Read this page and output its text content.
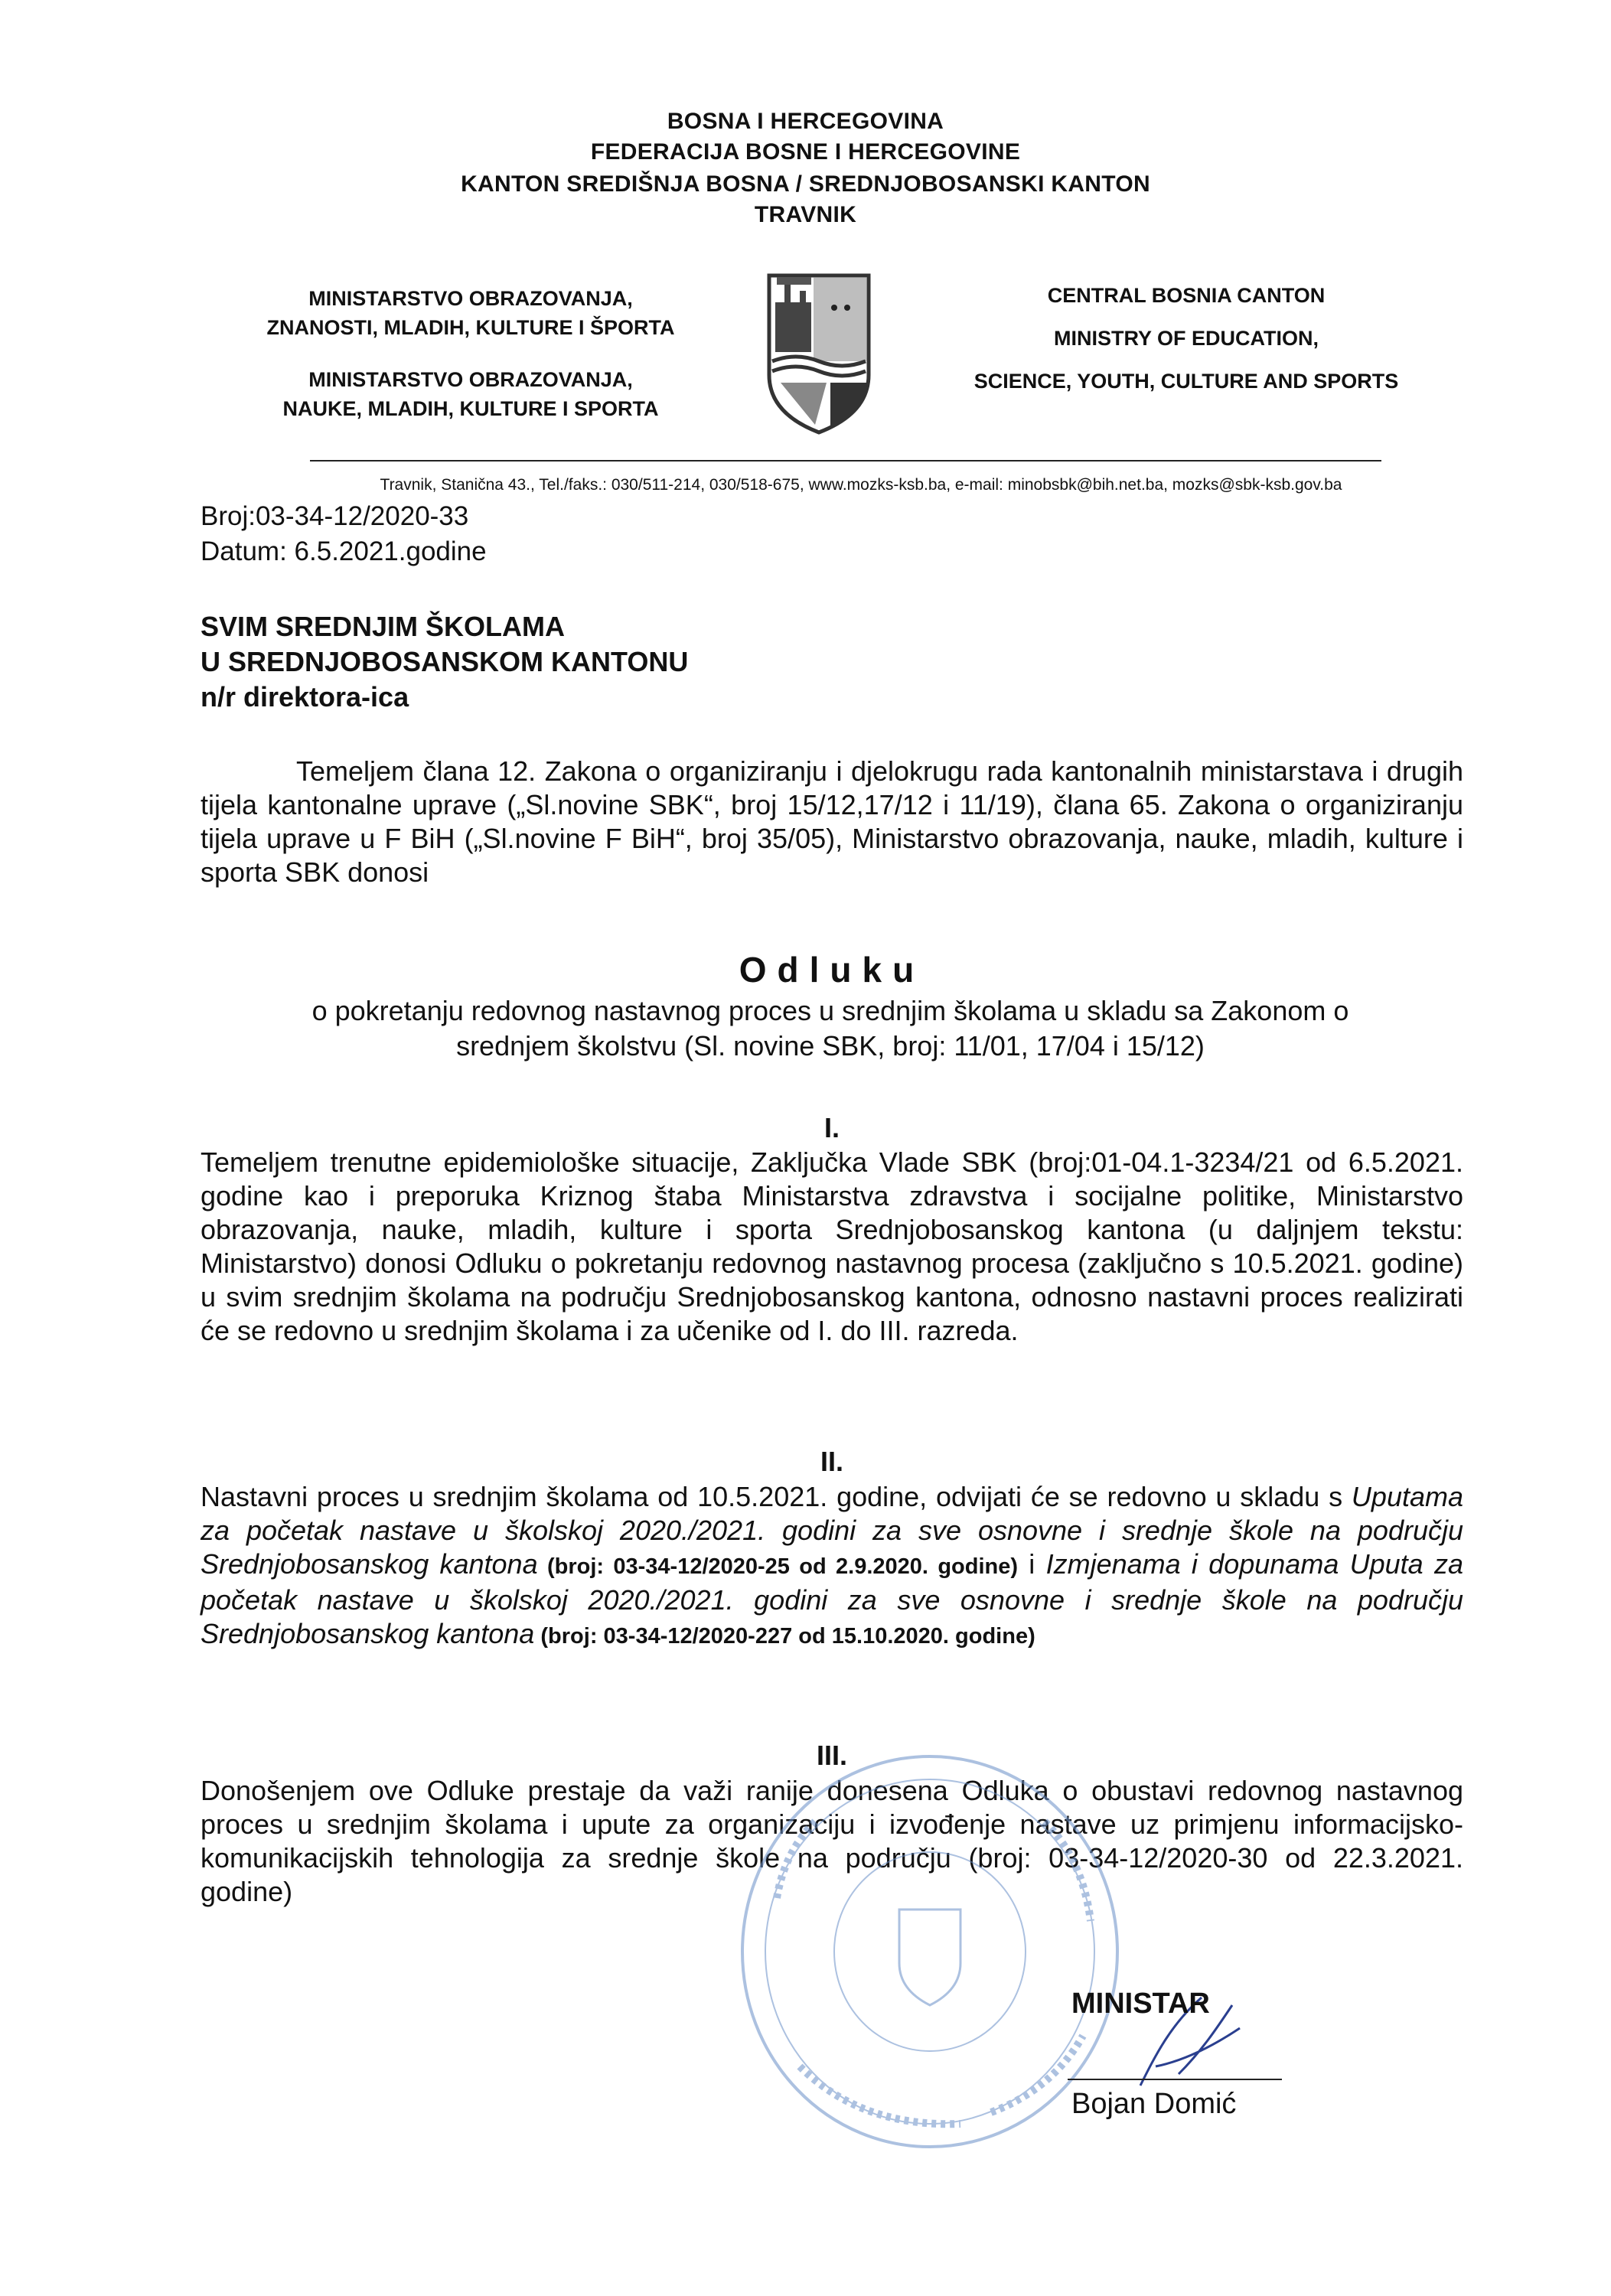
BOSNA I HERCEGOVINA
FEDERACIJA BOSNE I HERCEGOVINE
KANTON SREDIŠNJA BOSNA / SREDNJOBOSANSKI KANTON
TRAVNIK
MINISTARSTVO OBRAZOVANJA,
ZNANOSTI, MLADIH, KULTURE I ŠPORTA
MINISTARSTVO OBRAZOVANJA,
NAUKE, MLADIH, KULTURE I SPORTA
CENTRAL BOSNIA CANTON
MINISTRY OF EDUCATION,
SCIENCE, YOUTH, CULTURE AND SPORTS
Travnik, Stanična 43., Tel./faks.: 030/511-214, 030/518-675, www.mozks-ksb.ba, e-mail: minobsbk@bih.net.ba, mozks@sbk-ksb.gov.ba
Broj:03-34-12/2020-33
Datum: 6.5.2021.godine
SVIM SREDNJIM ŠKOLAMA
U SREDNJOBOSANSKOM KANTONU
n/r direktora-ica
Temeljem člana 12. Zakona o organiziranju i djelokrugu rada kantonalnih ministarstava i drugih tijela kantonalne uprave („Sl.novine SBK“, broj 15/12,17/12 i 11/19), člana 65. Zakona o organiziranju tijela uprave u F BiH („Sl.novine F BiH“, broj 35/05), Ministarstvo obrazovanja, nauke, mladih, kulture i sporta SBK donosi
Odluku
o pokretanju redovnog nastavnog proces u srednjim školama u skladu sa Zakonom o srednjem školstvu (Sl. novine SBK, broj: 11/01, 17/04 i 15/12)
I.
Temeljem trenutne epidemiološke situacije, Zaključka Vlade SBK (broj:01-04.1-3234/21 od 6.5.2021. godine kao i preporuka Kriznog štaba Ministarstva zdravstva i socijalne politike, Ministarstvo obrazovanja, nauke, mladih, kulture i sporta Srednjobosanskog kantona (u daljnjem tekstu: Ministarstvo) donosi Odluku o pokretanju redovnog nastavnog procesa (zaključno s 10.5.2021. godine) u svim srednjim školama na području Srednjobosanskog kantona, odnosno nastavni proces realizirati će se redovno u srednjim školama i za učenike od I. do III. razreda.
II.
Nastavni proces u srednjim školama od 10.5.2021. godine, odvijati će se redovno u skladu s Uputama za početak nastave u školskoj 2020./2021. godini za sve osnovne i srednje škole na području Srednjobosanskog kantona (broj: 03-34-12/2020-25 od 2.9.2020. godine) i Izmjenama i dopunama Uputa za početak nastave u školskoj 2020./2021. godini za sve osnovne i srednje škole na području Srednjobosanskog kantona (broj: 03-34-12/2020-227 od 15.10.2020. godine)
III.
Donošenjem ove Odluke prestaje da važi ranije donesena Odluka o obustavi redovnog nastavnog proces u srednjim školama i upute za organizaciju i izvođenje nastave uz primjenu informacijsko-komunikacijskih tehnologija za srednje škole na području (broj: 03-34-12/2020-30 od 22.3.2021. godine)
MINISTAR
Bojan Domić
